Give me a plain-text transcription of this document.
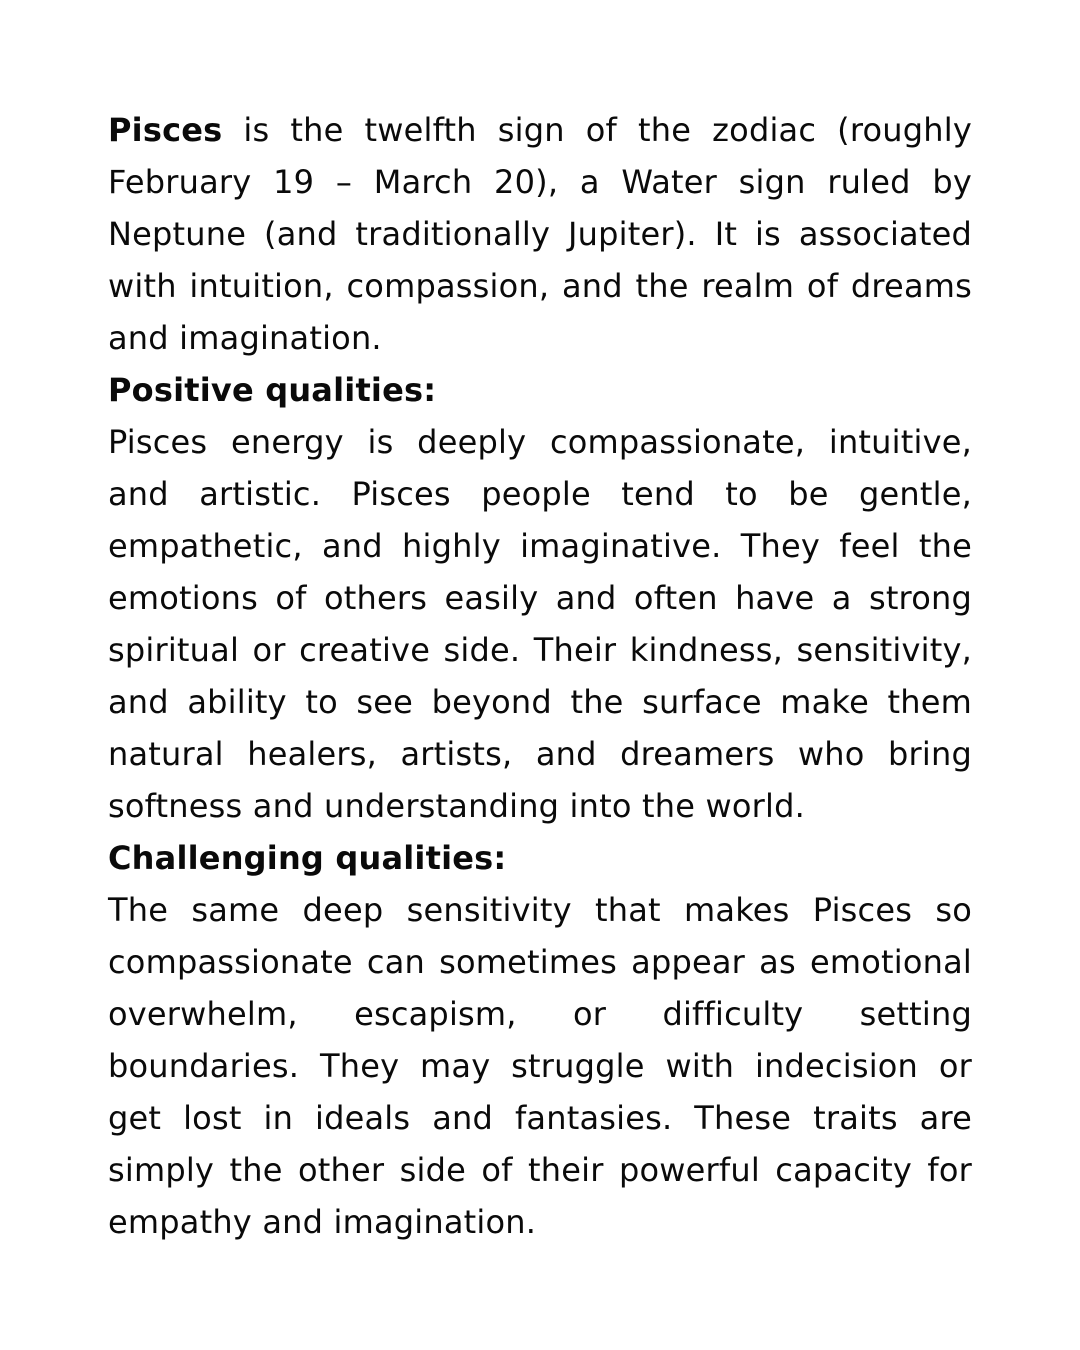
Pisces is the twelfth sign of the zodiac (roughly February 19 – March 20), a Water sign ruled by Neptune (and traditionally Jupiter). It is associated with intuition, compassion, and the realm of dreams and imagination.

Positive qualities:

Pisces energy is deeply compassionate, intuitive, and artistic. Pisces people tend to be gentle, empathetic, and highly imaginative. They feel the emotions of others easily and often have a strong spiritual or creative side. Their kindness, sensitivity, and ability to see beyond the surface make them natural healers, artists, and dreamers who bring softness and understanding into the world.

Challenging qualities:

The same deep sensitivity that makes Pisces so compassionate can sometimes appear as emotional overwhelm, escapism, or difficulty setting boundaries. They may struggle with indecision or get lost in ideals and fantasies. These traits are simply the other side of their powerful capacity for empathy and imagination.
